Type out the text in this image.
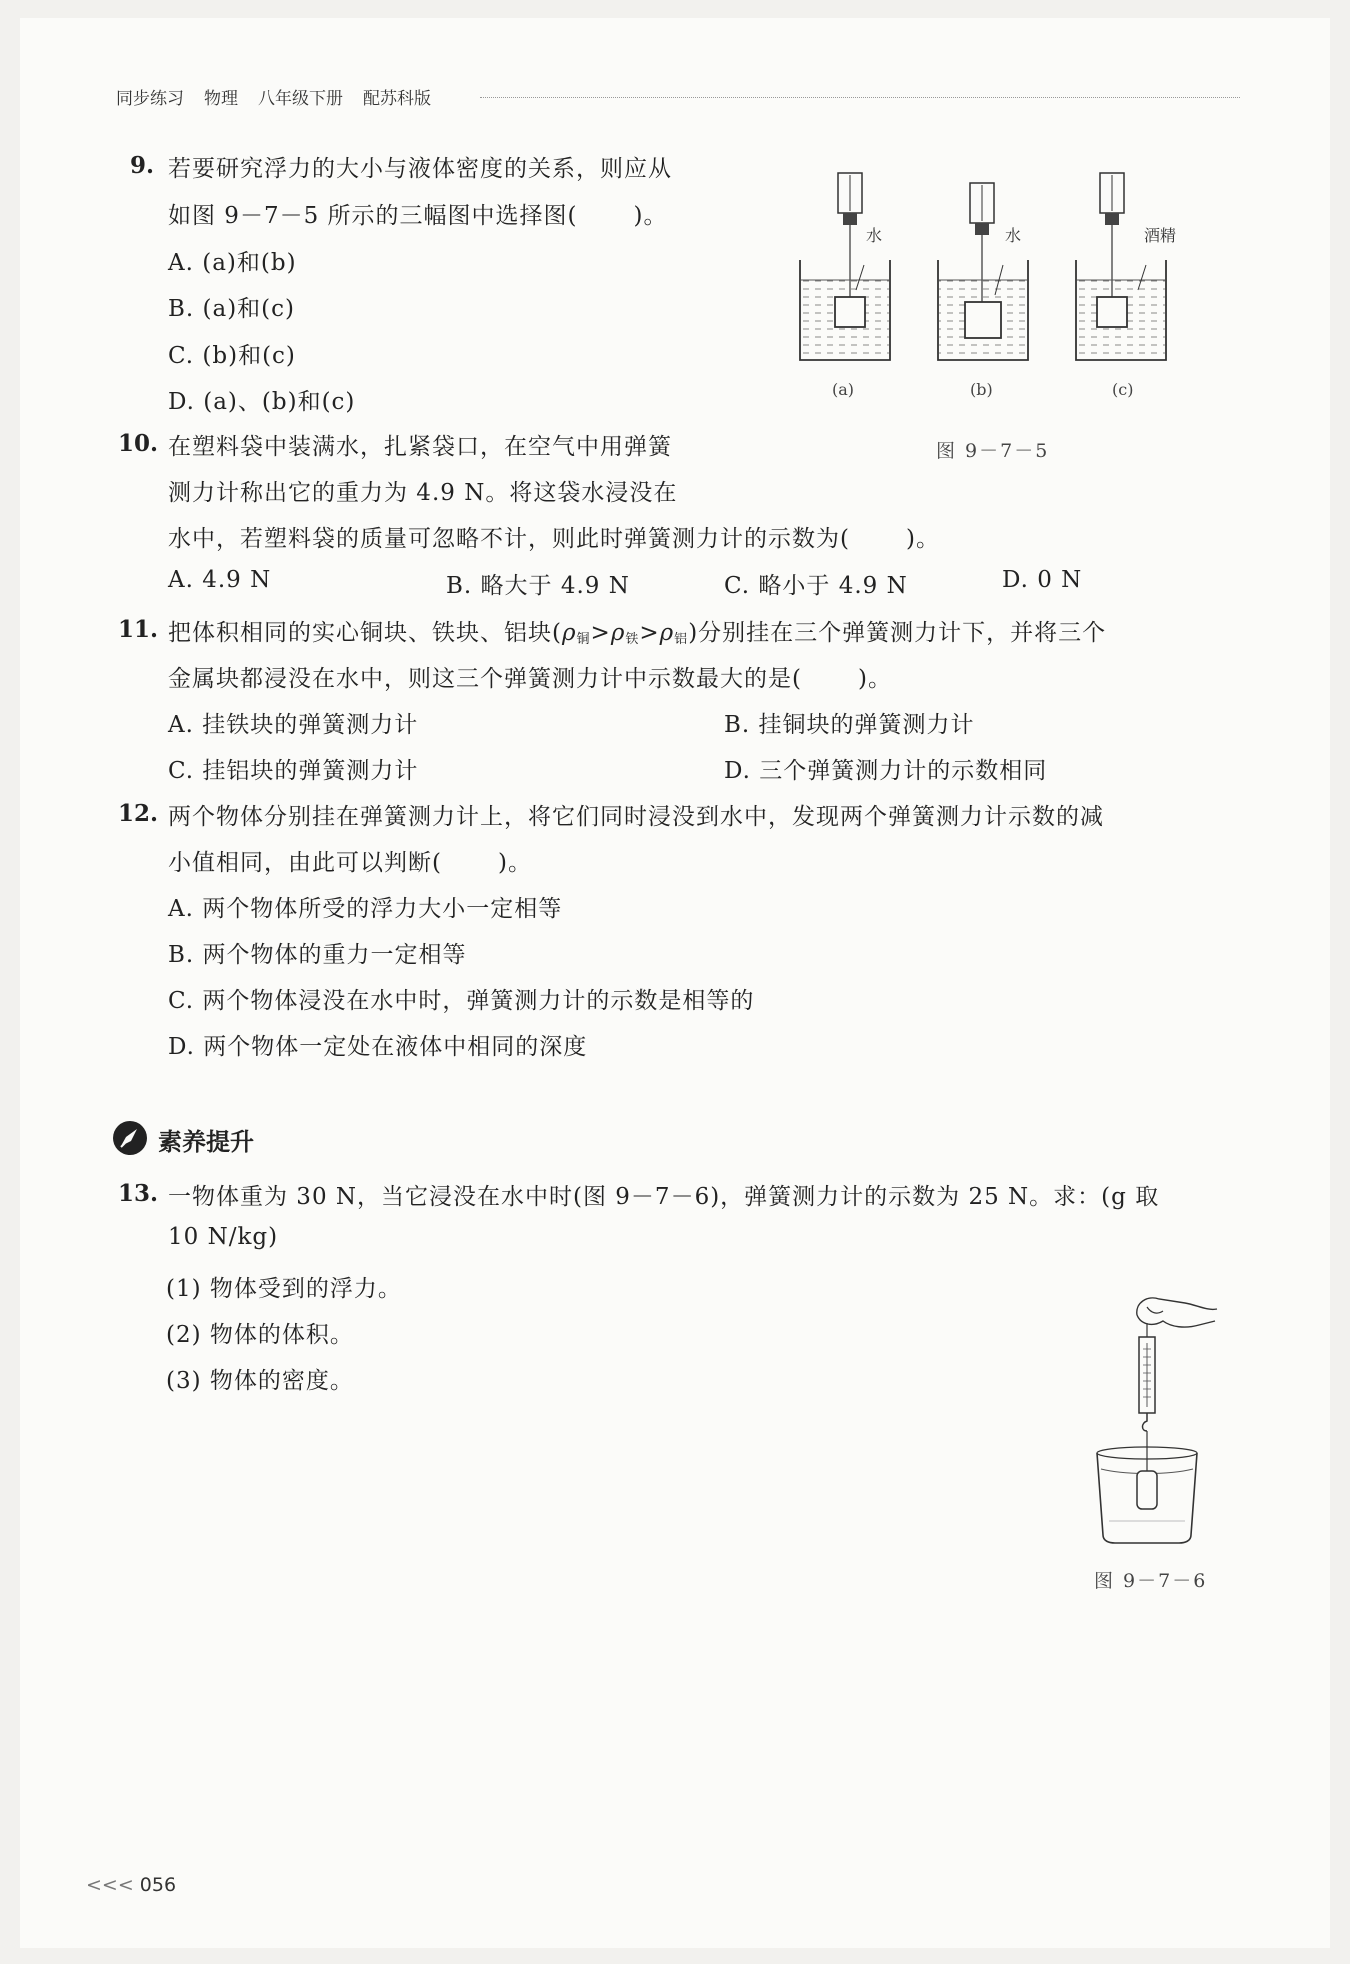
同步练习 物理 八年级下册 配苏科版
9. 若要研究浮力的大小与液体密度的关系，则应从
如图 9－7－5 所示的三幅图中选择图( )。
A. (a)和(b)
B. (a)和(c)
C. (b)和(c)
D. (a)、(b)和(c)
水
(a)
水
(b)
酒精
(c)
图 9－7－5
10. 在塑料袋中装满水，扎紧袋口，在空气中用弹簧
测力计称出它的重力为 4.9 N。将这袋水浸没在
水中，若塑料袋的质量可忽略不计，则此时弹簧测力计的示数为( )。
A. 4.9 N	B. 略大于 4.9 N	C. 略小于 4.9 N	D. 0 N
11. 把体积相同的实心铜块、铁块、铝块$(\rho_铜>\rho_铁>\rho_铝)$分别挂在三个弹簧测力计下，并将三个
金属块都浸没在水中，则这三个弹簧测力计中示数最大的是( )。
A. 挂铁块的弹簧测力计	B. 挂铜块的弹簧测力计
C. 挂铝块的弹簧测力计	D. 三个弹簧测力计的示数相同
12. 两个物体分别挂在弹簧测力计上，将它们同时浸没到水中，发现两个弹簧测力计示数的减
小值相同，由此可以判断( )。
A. 两个物体所受的浮力大小一定相等
B. 两个物体的重力一定相等
C. 两个物体浸没在水中时，弹簧测力计的示数是相等的
D. 两个物体一定处在液体中相同的深度
素养提升
13. 一物体重为 30 N，当它浸没在水中时(图 9－7－6)，弹簧测力计的示数为 25 N。求：(g 取
10 N/kg)
(1) 物体受到的浮力。
(2) 物体的体积。
(3) 物体的密度。
图 9－7－6
<<< 056
